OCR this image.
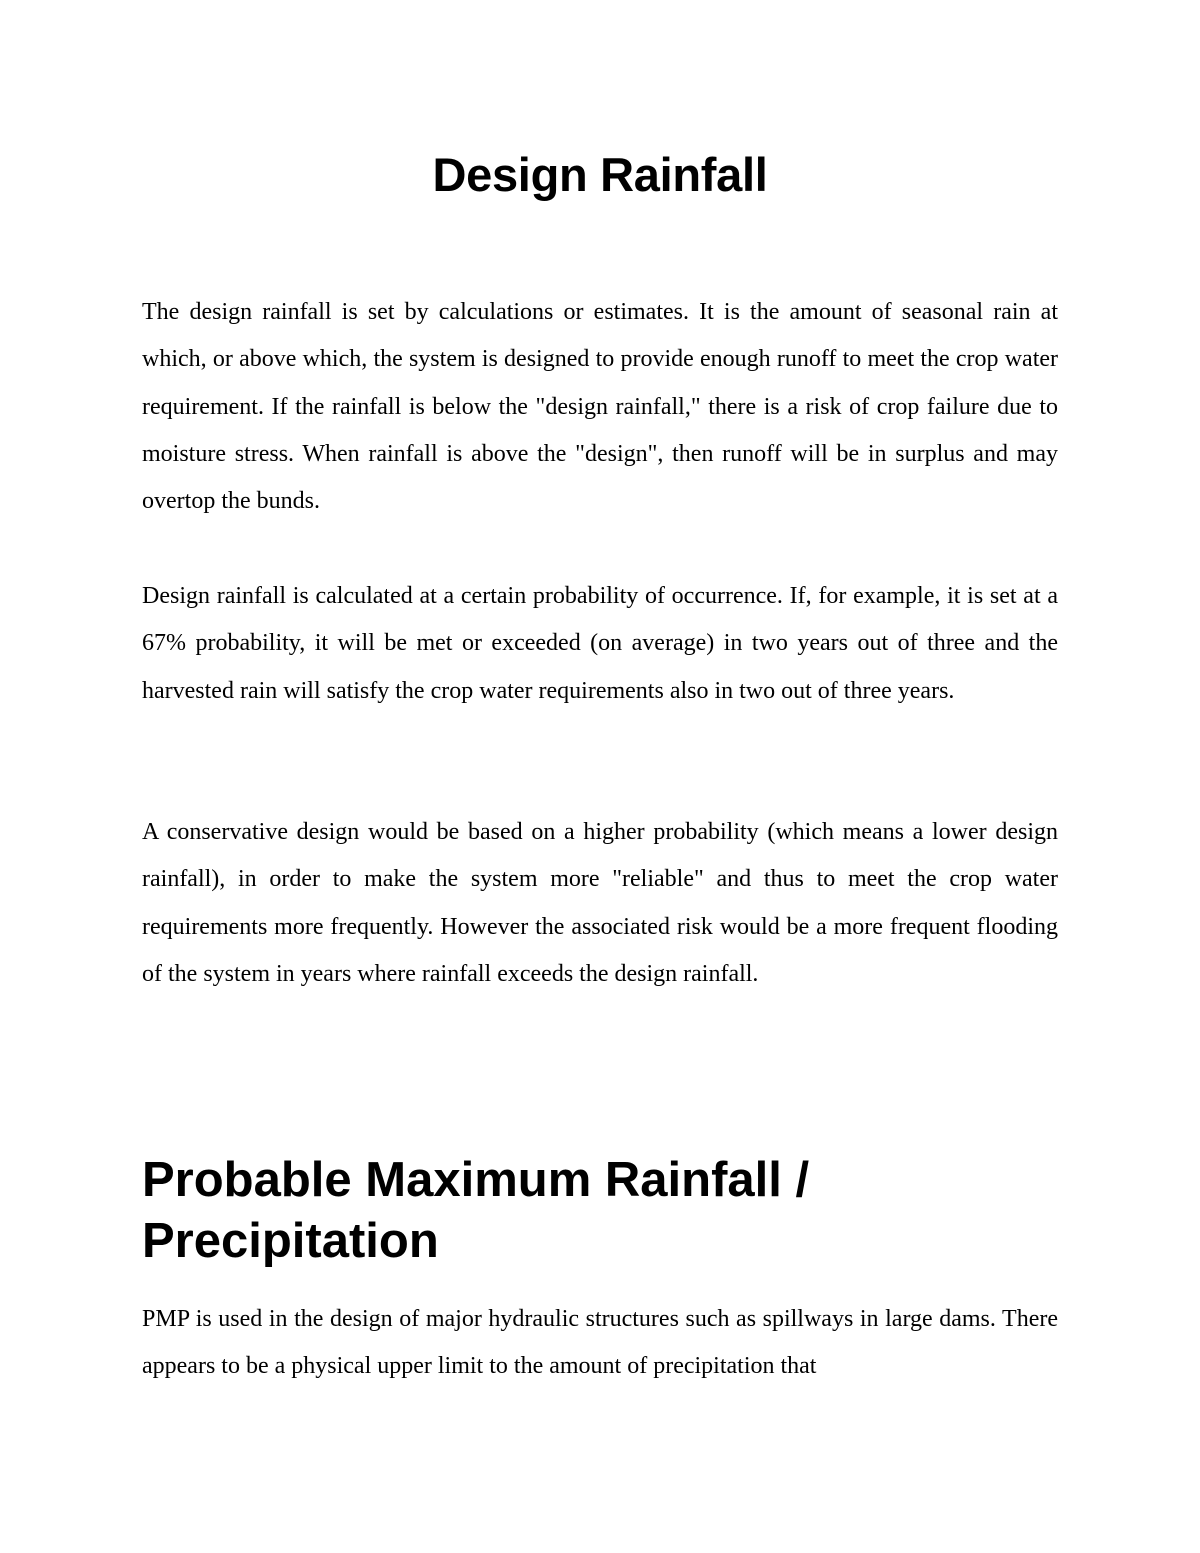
Design Rainfall

The design rainfall is set by calculations or estimates. It is the amount of seasonal rain at which, or above which, the system is designed to provide enough runoff to meet the crop water requirement. If the rainfall is below the "design rainfall," there is a risk of crop failure due to moisture stress. When rainfall is above the "design", then runoff will be in surplus and may overtop the bunds.

Design rainfall is calculated at a certain probability of occurrence. If, for example, it is set at a 67% probability, it will be met or exceeded (on average) in two years out of three and the harvested rain will satisfy the crop water requirements also in two out of three years.

A conservative design would be based on a higher probability (which means a lower design rainfall), in order to make the system more "reliable" and thus to meet the crop water requirements more frequently. However the associated risk would be a more frequent flooding of the system in years where rainfall exceeds the design rainfall.

Probable Maximum Rainfall / Precipitation

PMP is used in the design of major hydraulic structures such as spillways in large dams. There appears to be a physical upper limit to the amount of precipitation that
